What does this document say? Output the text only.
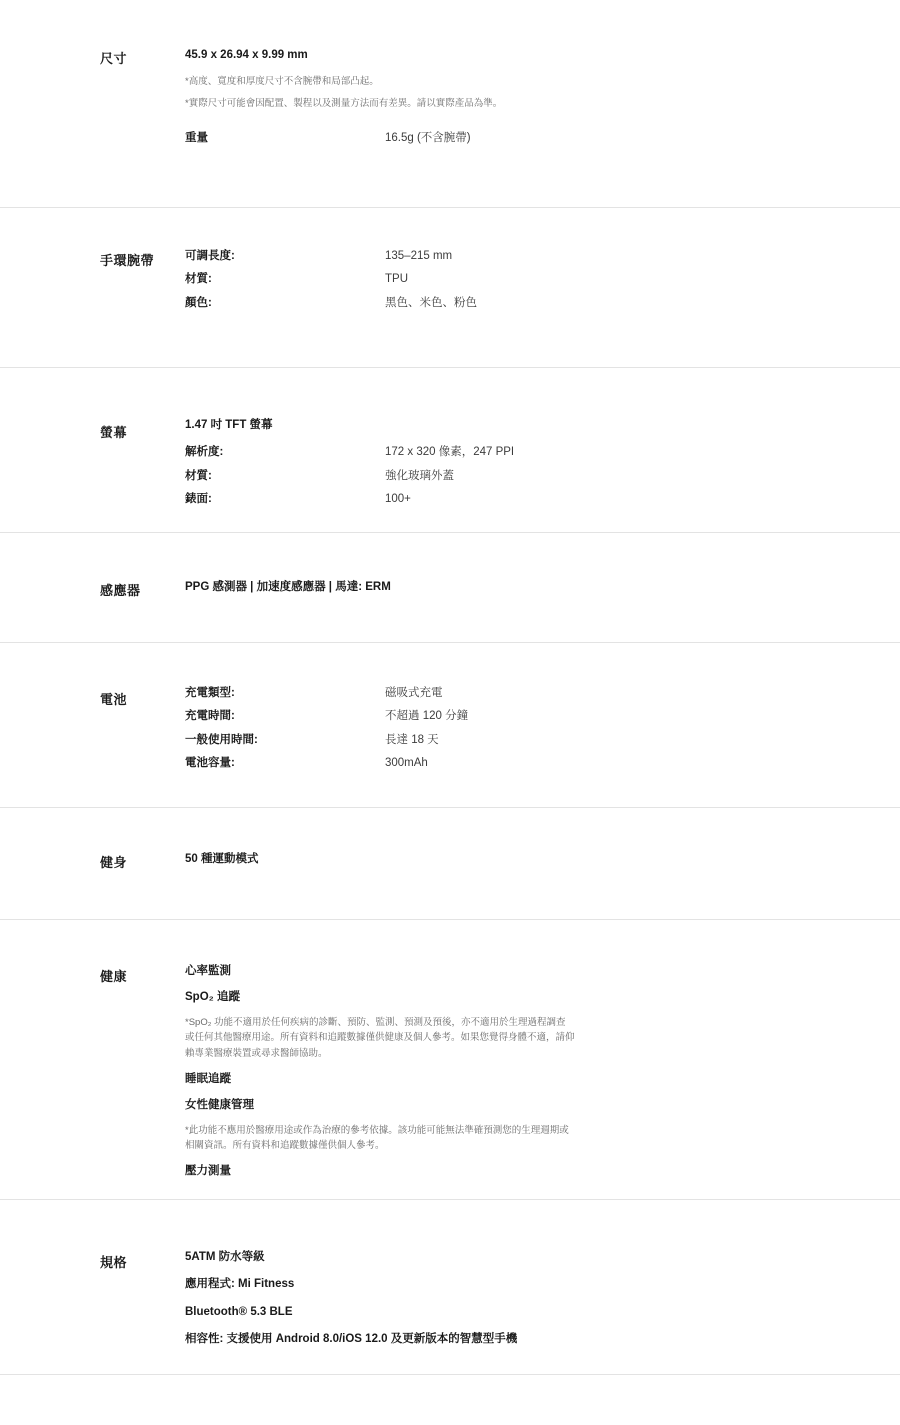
尺寸	45.9 x 26.94 x 9.99 mm
*高度、寬度和厚度尺寸不含腕帶和局部凸起。
*實際尺寸可能會因配置、製程以及測量方法而有差異。請以實際產品為準。
重量	16.5g (不含腕帶)
手環腕帶	可調長度:	135–215 mm
材質:	TPU
顏色:	黑色、米色、粉色
螢幕	1.47 吋 TFT 螢幕
解析度:	172 x 320 像素，247 PPI
材質:	強化玻璃外蓋
錶面:	100+
感應器	PPG 感測器 | 加速度感應器 | 馬達: ERM
電池	充電類型:	磁吸式充電
充電時間:	不超過 120 分鐘
一般使用時間:	長達 18 天
電池容量:	300mAh
健身	50 種運動模式
健康	心率監測
SpO₂ 追蹤
*SpO₂ 功能不適用於任何疾病的診斷、預防、監測、預測及預後，亦不適用於生理過程調查或任何其他醫療用途。所有資料和追蹤數據僅供健康及個人參考。如果您覺得身體不適，請仰賴專業醫療裝置或尋求醫師協助。
睡眠追蹤
女性健康管理
*此功能不應用於醫療用途或作為治療的參考依據。該功能可能無法準確預測您的生理週期或相關資訊。所有資料和追蹤數據僅供個人參考。
壓力測量
規格	5ATM 防水等級
應用程式: Mi Fitness
Bluetooth® 5.3 BLE
相容性: 支援使用 Android 8.0/iOS 12.0 及更新版本的智慧型手機
